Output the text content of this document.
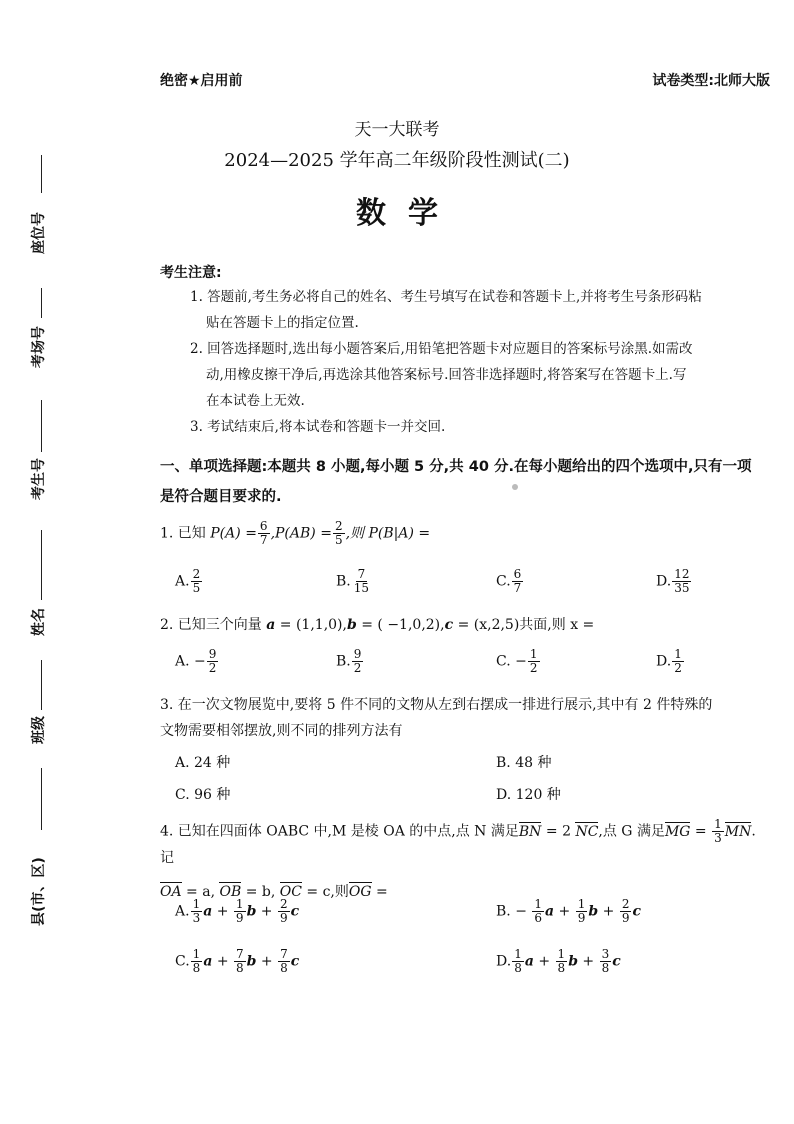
座位号
考场号
考生号
姓名
班级
县(市、区)
绝密★启用前	试卷类型:北师大版
天一大联考
2024—2025 学年高二年级阶段性测试(二)
数学
考生注意:
1. 答题前,考生务必将自己的姓名、考生号填写在试卷和答题卡上,并将考生号条形码粘
贴在答题卡上的指定位置.
2. 回答选择题时,选出每小题答案后,用铅笔把答题卡对应题目的答案标号涂黑.如需改
动,用橡皮擦干净后,再选涂其他答案标号.回答非选择题时,将答案写在答题卡上.写
在本试卷上无效.
3. 考试结束后,将本试卷和答题卡一并交回.
一、单项选择题:本题共 8 小题,每小题 5 分,共 40 分.在每小题给出的四个选项中,只有一项
是符合题目要求的.
1. 已知 $P(A) = \frac{6}{7} ,P(AB) = \frac{2}{5}$ ,则 P(B|A) =
A. $\frac{2}{5}$	B. $\frac{7}{15}$	C. $\frac{6}{7}$	D. $\frac{12}{35}$
2. 已知三个向量 a = (1,1,0),b = ( −1,0,2),c = (x,2,5)共面,则 x =
A. − $\frac{9}{2}$	B. $\frac{9}{2}$	C. − $\frac{1}{2}$	D. $\frac{1}{2}$
3. 在一次文物展览中,要将 5 件不同的文物从左到右摆成一排进行展示,其中有 2 件特殊的
文物需要相邻摆放,则不同的排列方法有
A. 24 种	B. 48 种
C. 96 种	D. 120 种
4. 已知在四面体 OABC 中,M 是棱 OA 的中点,点 N 满足BN = 2 NC,点 G 满足MG = $\frac{1}{3}$ MN. 记
OA = a, OB = b, OC = c,则OG =
A. $\frac{1}{3}$ $a + \frac{1}{9}$ $b + \frac{2}{9}$ c	B. − $\frac{1}{6}$ $a + \frac{1}{9}$ $b + \frac{2}{9}$ c
C. $\frac{1}{8}$ $a + \frac{7}{8}$ $b + \frac{7}{8}$ c	D. $\frac{1}{8}$ $a + \frac{1}{8}$ $b + \frac{3}{8}$ c
